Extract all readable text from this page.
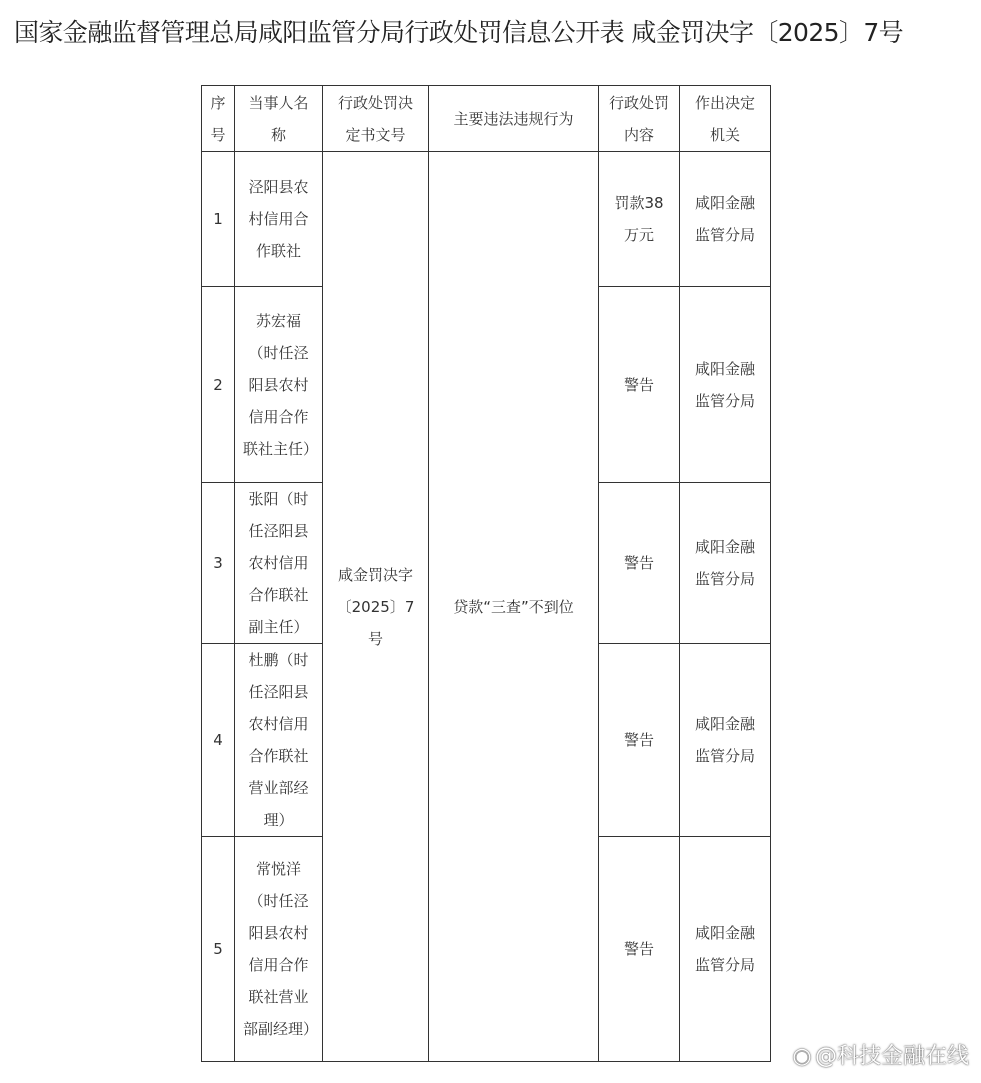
国家金融监督管理总局咸阳监管分局行政处罚信息公开表 咸金罚决字〔2025〕7号
序号	当事人名称	行政处罚决定书文号	主要违法违规行为	行政处罚内容	作出决定机关
1	泾阳县农村信用合作联社	咸金罚决字〔2025〕7号	贷款“三查”不到位	罚款38万元	咸阳金融监管分局
2	苏宏福（时任泾阳县农村信用合作联社主任）			警告	咸阳金融监管分局
3	张阳（时任泾阳县农村信用合作联社副主任）			警告	咸阳金融监管分局
4	杜鹏（时任泾阳县农村信用合作联社营业部经理）			警告	咸阳金融监管分局
5	常悦洋（时任泾阳县农村信用合作联社营业部副经理）			警告	咸阳金融监管分局
◉ @科技金融在线
